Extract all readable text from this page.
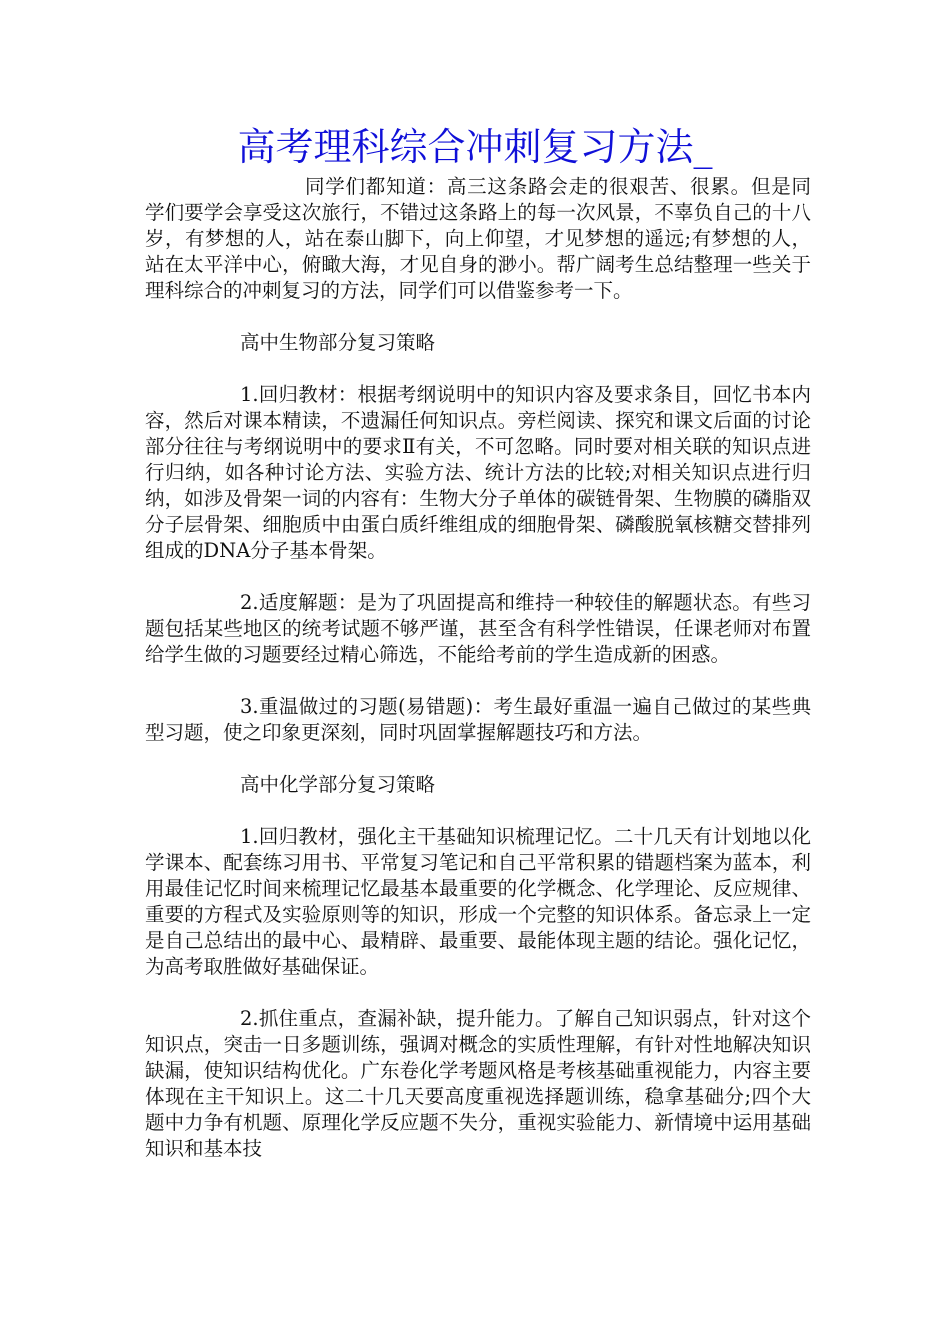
高考理科综合冲刺复习方法_

同学们都知道：高三这条路会走的很艰苦、很累。但是同学们要学会享受这次旅行，不错过这条路上的每一次风景，不辜负自己的十八岁，有梦想的人，站在泰山脚下，向上仰望，才见梦想的遥远;有梦想的人，站在太平洋中心，俯瞰大海，才见自身的渺小。帮广阔考生总结整理一些关于理科综合的冲刺复习的方法，同学们可以借鉴参考一下。

高中生物部分复习策略

1.回归教材：根据考纲说明中的知识内容及要求条目，回忆书本内容，然后对课本精读，不遗漏任何知识点。旁栏阅读、探究和课文后面的讨论部分往往与考纲说明中的要求Ⅱ有关，不可忽略。同时要对相关联的知识点进行归纳，如各种讨论方法、实验方法、统计方法的比较;对相关知识点进行归纳，如涉及骨架一词的内容有：生物大分子单体的碳链骨架、生物膜的磷脂双分子层骨架、细胞质中由蛋白质纤维组成的细胞骨架、磷酸脱氧核糖交替排列组成的DNA分子基本骨架。

2.适度解题：是为了巩固提高和维持一种较佳的解题状态。有些习题包括某些地区的统考试题不够严谨，甚至含有科学性错误，任课老师对布置给学生做的习题要经过精心筛选，不能给考前的学生造成新的困惑。

3.重温做过的习题(易错题)：考生最好重温一遍自己做过的某些典型习题，使之印象更深刻，同时巩固掌握解题技巧和方法。

高中化学部分复习策略

1.回归教材，强化主干基础知识梳理记忆。二十几天有计划地以化学课本、配套练习用书、平常复习笔记和自己平常积累的错题档案为蓝本，利用最佳记忆时间来梳理记忆最基本最重要的化学概念、化学理论、反应规律、重要的方程式及实验原则等的知识，形成一个完整的知识体系。备忘录上一定是自己总结出的最中心、最精辟、最重要、最能体现主题的结论。强化记忆，为高考取胜做好基础保证。

2.抓住重点，查漏补缺，提升能力。了解自己知识弱点，针对这个知识点，突击一日多题训练，强调对概念的实质性理解，有针对性地解决知识缺漏，使知识结构优化。广东卷化学考题风格是考核基础重视能力，内容主要体现在主干知识上。这二十几天要高度重视选择题训练，稳拿基础分;四个大题中力争有机题、原理化学反应题不失分，重视实验能力、新情境中运用基础知识和基本技
